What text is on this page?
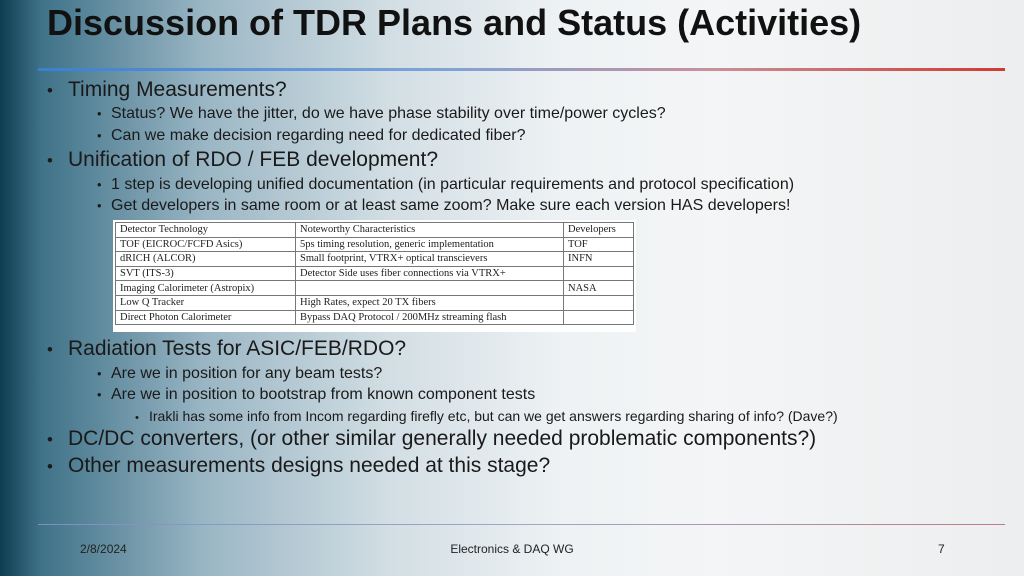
Discussion of TDR Plans and Status (Activities)
• Timing Measurements?
• Status? We have the jitter, do we have phase stability over time/power cycles?
• Can we make decision regarding need for dedicated fiber?
• Unification of RDO / FEB development?
• 1 step is developing unified documentation (in particular requirements and protocol specification)
• Get developers in same room or at least same zoom? Make sure each version HAS developers!
Detector Technology	Noteworthy Characteristics	Developers
TOF (EICROC/FCFD Asics)	5ps timing resolution, generic implementation	TOF
dRICH (ALCOR)	Small footprint, VTRX+ optical transcievers	INFN
SVT (ITS-3)	Detector Side uses fiber connections via VTRX+	
Imaging Calorimeter (Astropix)		NASA
Low Q Tracker	High Rates, expect 20 TX fibers	
Direct Photon Calorimeter	Bypass DAQ Protocol / 200MHz streaming flash	
• Radiation Tests for ASIC/FEB/RDO?
• Are we in position for any beam tests?
• Are we in position to bootstrap from known component tests
• Irakli has some info from Incom regarding firefly etc, but can we get answers regarding sharing of info? (Dave?)
• DC/DC converters, (or other similar generally needed problematic components?)
• Other measurements designs needed at this stage?
2/8/2024	Electronics & DAQ WG	7
